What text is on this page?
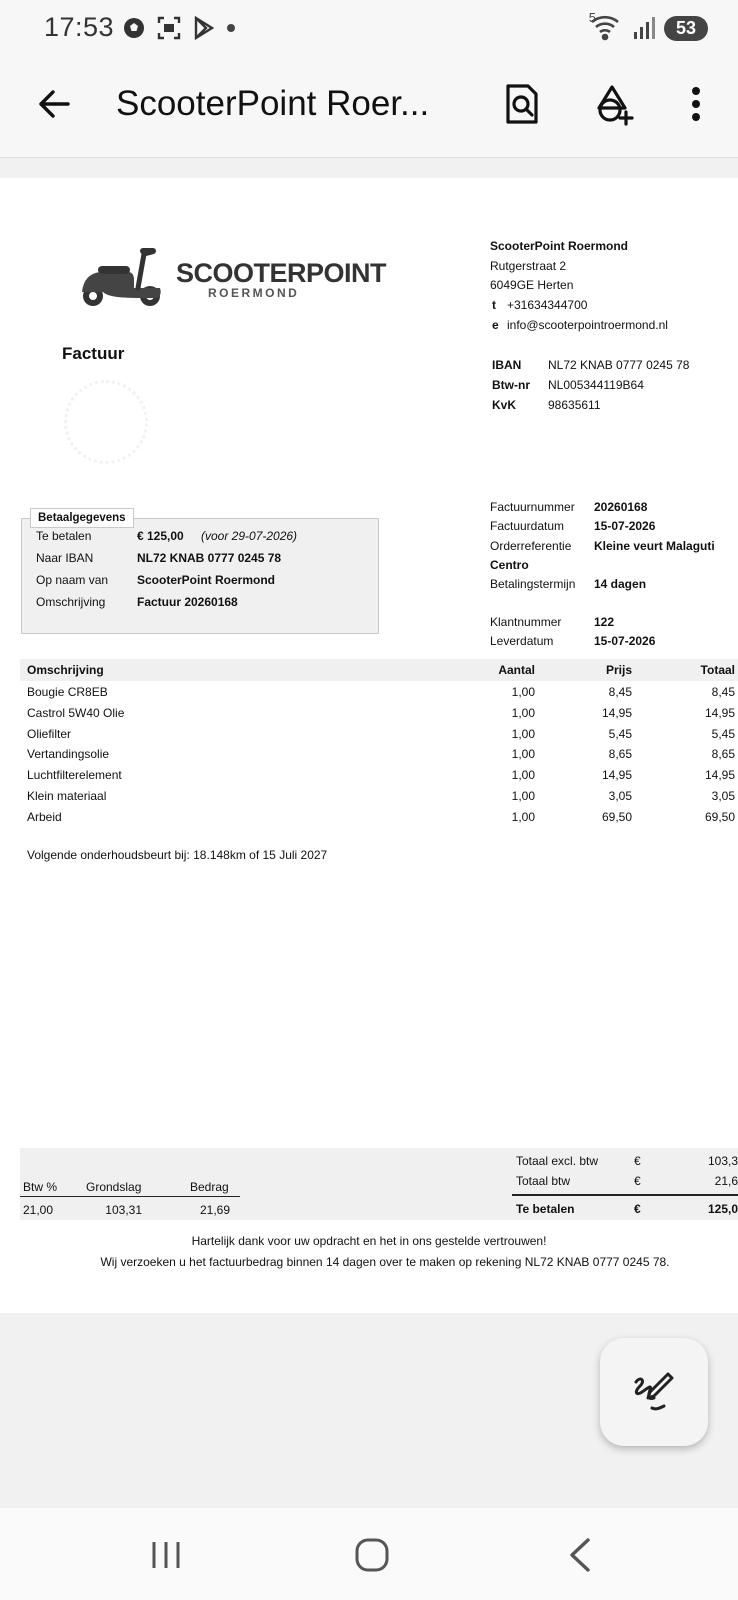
17:53	5	53
ScooterPoint Roer...
SCOOTERPOINT
ROERMOND
Factuur
ScooterPoint Roermond
Rutgerstraat 2
6049GE Herten
t +31634344700
e info@scooterpointroermond.nl
IBAN NL72 KNAB 0777 0245 78
Btw-nr NL005344119B64
KvK	98635611
Betaalgegevens
Te betalen	€ 125,00 (voor 29-07-2026)
Naar IBAN	NL72 KNAB 0777 0245 78
Op naam van ScooterPoint Roermond
Omschrijving	Factuur 20260168
Factuurnummer 20260168
Factuurdatum 15-07-2026
Orderreferentie Kleine veurt Malaguti
Centro
Betalingstermijn 14 dagen
Klantnummer	122
Leverdatum	15-07-2026
Omschrijving	Aantal	Prijs	Totaal
Bougie CR8EB	1,00	8,45	8,45
Castrol 5W40 Olie	1,00	14,95	14,95
Oliefilter	1,00	5,45	5,45
Vertandingsolie	1,00	8,65	8,65
Luchtfilterelement	1,00	14,95	14,95
Klein materiaal	1,00	3,05	3,05
Arbeid	1,00	69,50	69,50
Volgende onderhoudsbeurt bij: 18.148km of 15 Juli 2027
Btw % Grondslag	Bedrag
21,00	103,31	21,69
Totaal excl. btw	€	103,3
Totaal btw	€	21,6
Te betalen	€	125,0
Hartelijk dank voor uw opdracht en het in ons gestelde vertrouwen!
Wij verzoeken u het factuurbedrag binnen 14 dagen over te maken op rekening NL72 KNAB 0777 0245 78.
